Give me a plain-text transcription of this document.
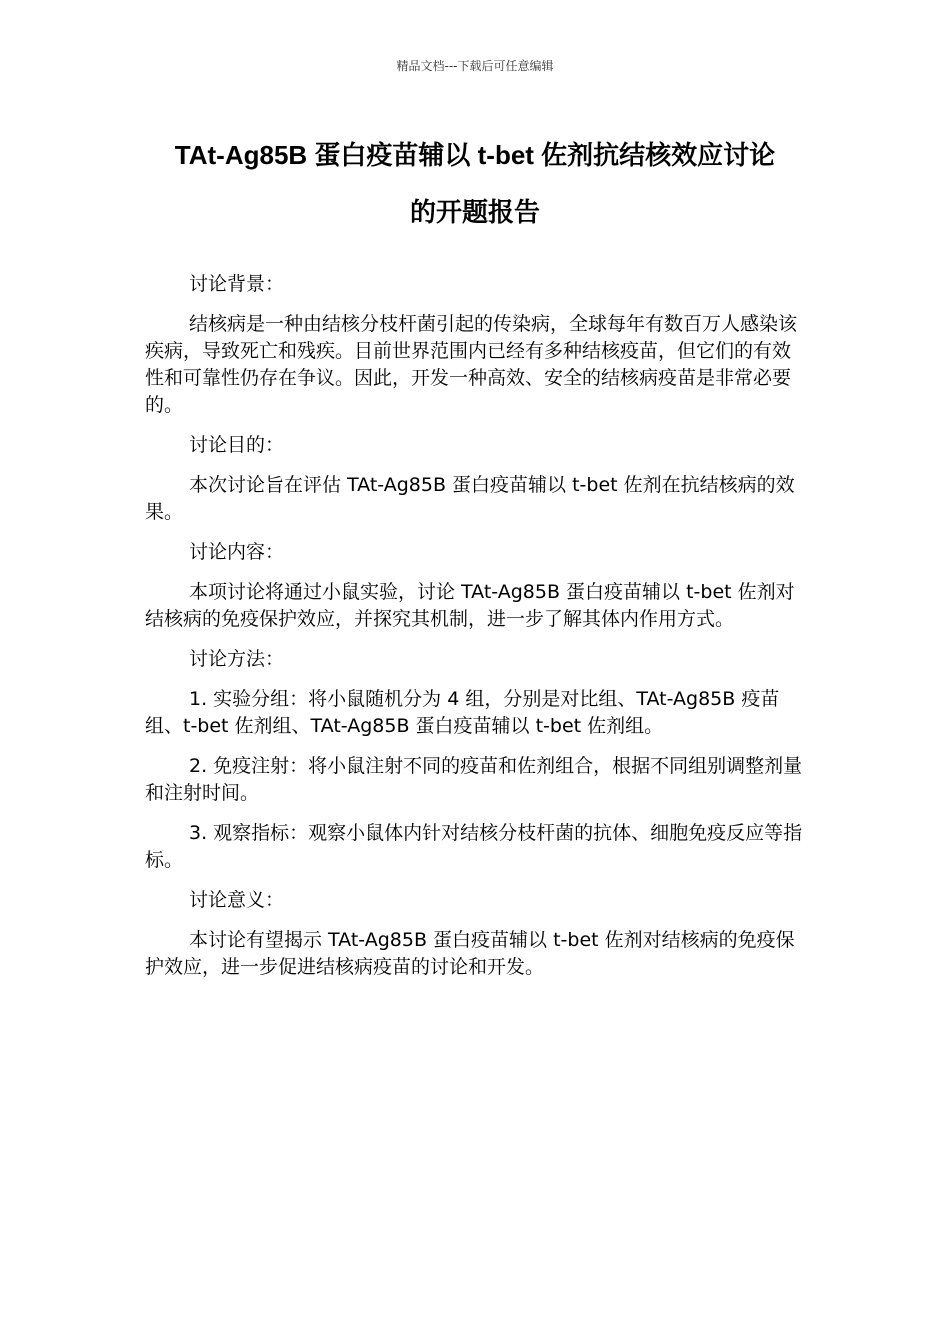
精品文档---下载后可任意编辑
TAt-Ag85B 蛋白疫苗辅以 t-bet 佐剂抗结核效应讨论
的开题报告

讨论背景：

结核病是一种由结核分枝杆菌引起的传染病，全球每年有数百万人感染该疾病，导致死亡和残疾。目前世界范围内已经有多种结核疫苗，但它们的有效性和可靠性仍存在争议。因此，开发一种高效、安全的结核病疫苗是非常必要的。

讨论目的：

本次讨论旨在评估 TAt-Ag85B 蛋白疫苗辅以 t-bet 佐剂在抗结核病的效果。

讨论内容：

本项讨论将通过小鼠实验，讨论 TAt-Ag85B 蛋白疫苗辅以 t-bet 佐剂对结核病的免疫保护效应，并探究其机制，进一步了解其体内作用方式。

讨论方法：

1. 实验分组：将小鼠随机分为 4 组，分别是对比组、TAt-Ag85B 疫苗组、t-bet 佐剂组、TAt-Ag85B 蛋白疫苗辅以 t-bet 佐剂组。

2. 免疫注射：将小鼠注射不同的疫苗和佐剂组合，根据不同组别调整剂量和注射时间。

3. 观察指标：观察小鼠体内针对结核分枝杆菌的抗体、细胞免疫反应等指标。

讨论意义：

本讨论有望揭示 TAt-Ag85B 蛋白疫苗辅以 t-bet 佐剂对结核病的免疫保护效应，进一步促进结核病疫苗的讨论和开发。
